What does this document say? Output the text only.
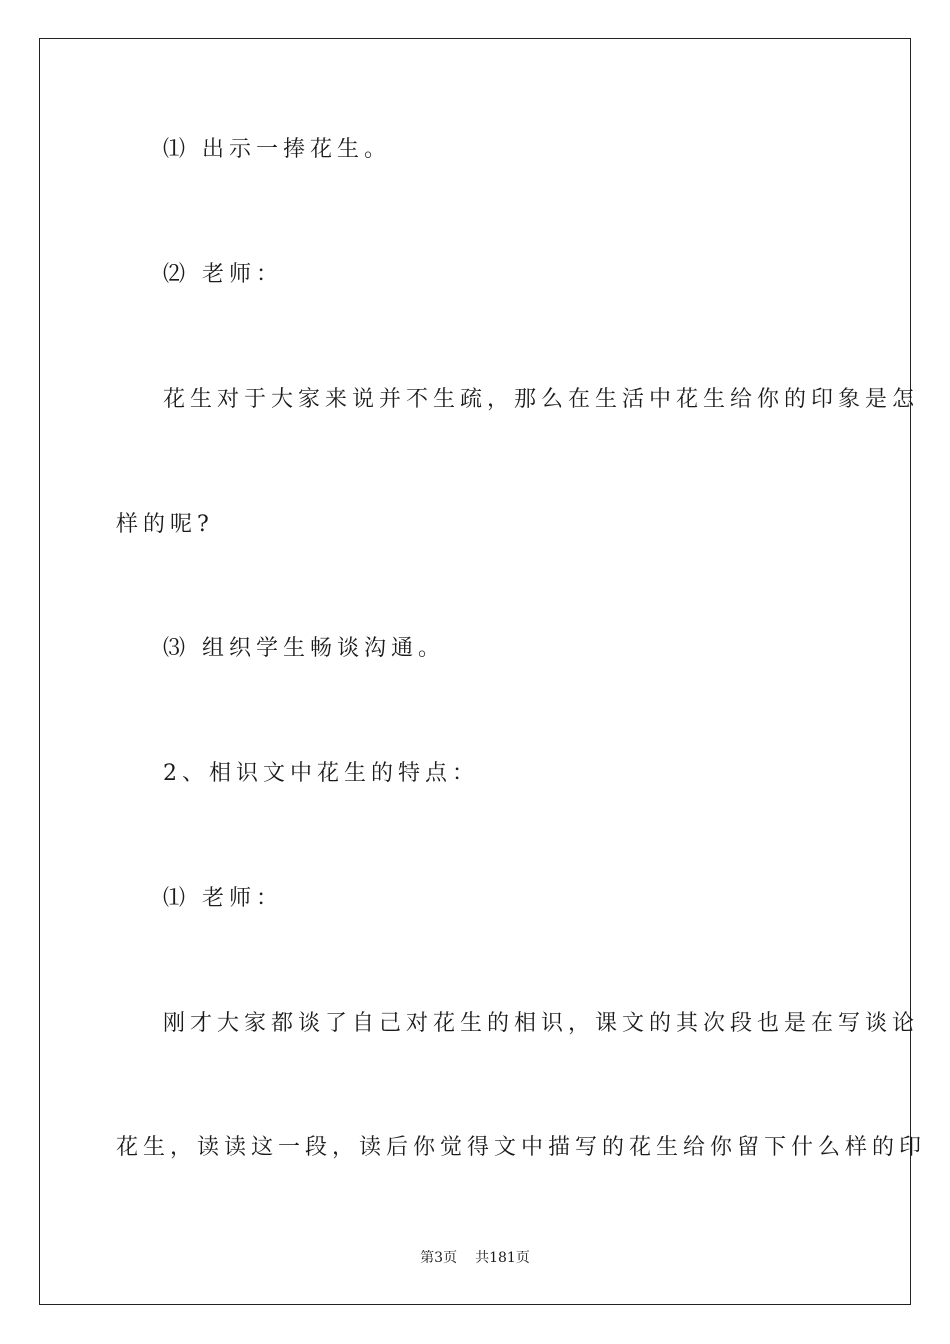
⑴ 出示一捧花生。
⑵ 老师：
花生对于大家来说并不生疏，那么在生活中花生给你的印象是怎
样的呢?
⑶ 组织学生畅谈沟通。
2、相识文中花生的特点：
⑴ 老师：
刚才大家都谈了自己对花生的相识，课文的其次段也是在写谈论
花生，读读这一段，读后你觉得文中描写的花生给你留下什么样的印
第3页 共181页
